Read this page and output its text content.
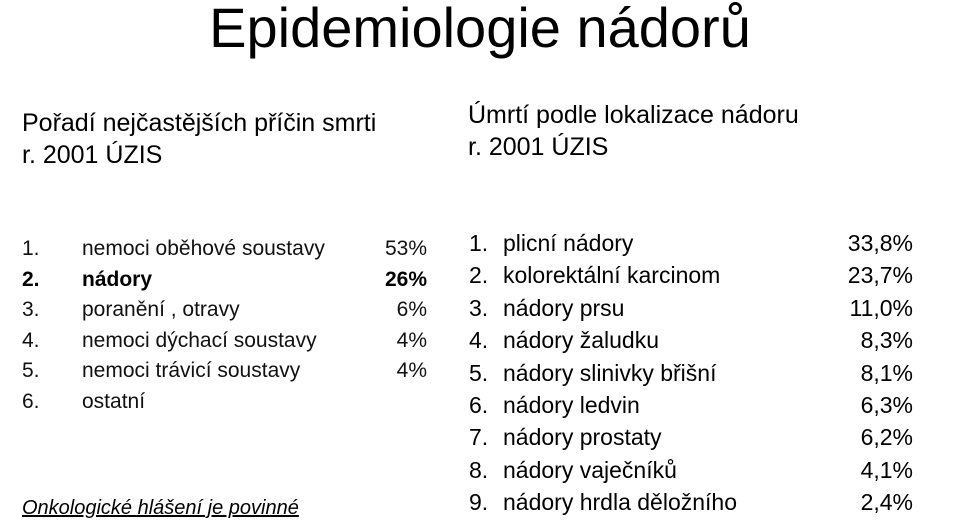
Epidemiologie nádorů
Pořadí nejčastějších příčin smrti
r. 2001 ÚZIS
Úmrtí podle lokalizace nádoru
r. 2001 ÚZIS
1. nemoci oběhové soustavy	53%
2. nádory	26%
3. poranění , otravy	6%
4. nemoci dýchací soustavy	4%
5. nemoci trávicí soustavy	4%
6. ostatní
1. plicní nádory	33,8%
2. kolorektální karcinom	23,7%
3. nádory prsu	11,0%
4. nádory žaludku	8,3%
5. nádory slinivky břišní	8,1%
6. nádory ledvin	6,3%
7. nádory prostaty	6,2%
8. nádory vaječníků	4,1%
9. nádory hrdla děložního	2,4%
Onkologické hlášení je povinné
